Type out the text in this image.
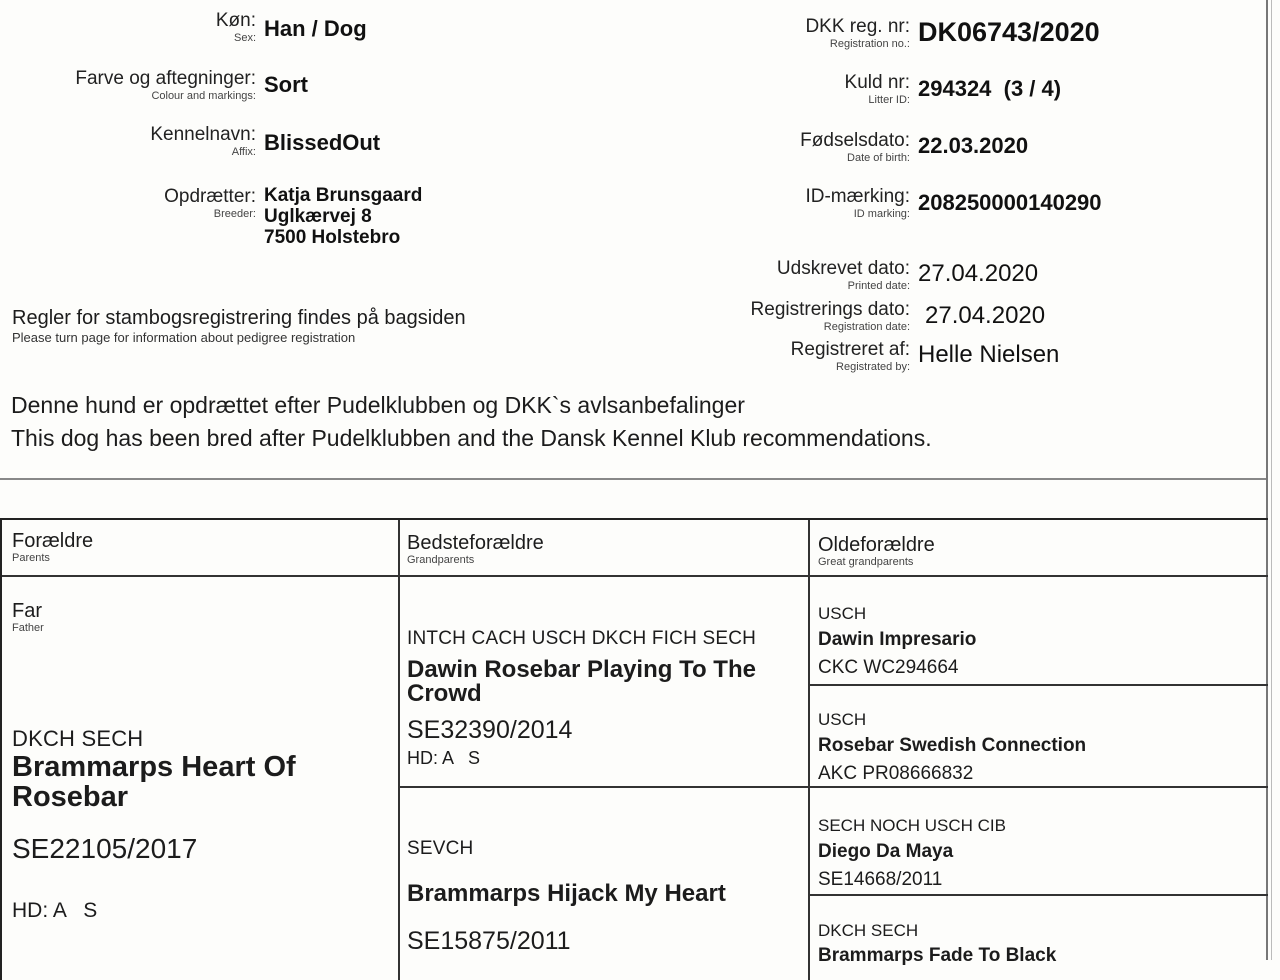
Køn:
Sex: Han / Dog
Farve og aftegninger:
Colour and markings: Sort
Kennelnavn:
Affix: BlissedOut
Opdrætter:
Breeder:
Katja Brunsgaard
Uglkærvej 8
7500 Holstebro
DKK reg. nr:
Registration no.: DK06743/2020
Kuld nr:
Litter ID: 294324  (3 / 4)
Fødselsdato:
Date of birth: 22.03.2020
ID-mærking:
ID marking: 208250000140290
Udskrevet dato:
Printed date: 27.04.2020
Registrerings dato:
Registration date: 27.04.2020
Registreret af:
Registrated by: Helle Nielsen
Regler for stambogsregistrering findes på bagsiden
Please turn page for information about pedigree registration
Denne hund er opdrættet efter Pudelklubben og DKK`s avlsanbefalinger
This dog has been bred after Pudelklubben and the Dansk Kennel Klub recommendations.
Forældre
Parents
Bedsteforældre
Grandparents
Oldeforældre
Great grandparents
Far
Father
DKCH SECH
Brammarps Heart Of Rosebar
SE22105/2017
HD: A   S
INTCH CACH USCH DKCH FICH SECH
Dawin Rosebar Playing To The Crowd
SE32390/2014
HD: A   S
SEVCH
Brammarps Hijack My Heart
SE15875/2011
USCH
Dawin Impresario
CKC WC294664
USCH
Rosebar Swedish Connection
AKC PR08666832
SECH NOCH USCH CIB
Diego Da Maya
SE14668/2011
DKCH SECH
Brammarps Fade To Black
